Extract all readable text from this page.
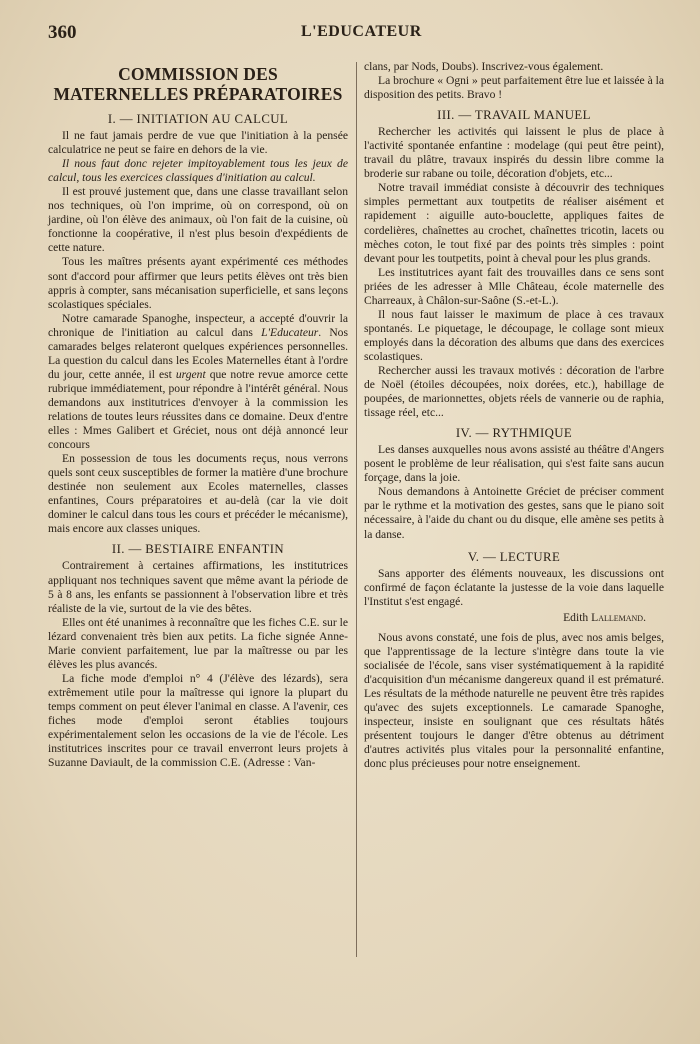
360	L'EDUCATEUR
COMMISSION DES
MATERNELLES PRÉPARATOIRES
I. — INITIATION AU CALCUL

Il ne faut jamais perdre de vue que l'initiation à la pensée calculatrice ne peut se faire en dehors de la vie.

Il nous faut donc rejeter impitoyablement tous les jeux de calcul, tous les exercices classiques d'initiation au calcul.

Il est prouvé justement que, dans une classe travaillant selon nos techniques, où l'on imprime, où on correspond, où on jardine, où l'on élève des animaux, où l'on fait de la cuisine, où fonctionne la coopérative, il n'est plus besoin d'expédients de cette nature.

Tous les maîtres présents ayant expérimenté ces méthodes sont d'accord pour affirmer que leurs petits élèves ont très bien appris à compter, sans mécanisation superficielle, et sans leçons scolastiques spéciales.

Notre camarade Spanoghe, inspecteur, a accepté d'ouvrir la chronique de l'initiation au calcul dans L'Educateur. Nos camarades belges relateront quelques expériences personnelles. La question du calcul dans les Ecoles Maternelles étant à l'ordre du jour, cette année, il est urgent que notre revue amorce cette rubrique immédiatement, pour répondre à l'intérêt général. Nous demandons aux institutrices d'envoyer à la commission les relations de toutes leurs réussites dans ce domaine. Deux d'entre elles : Mmes Galibert et Gréciet, nous ont déjà annoncé leur concours

En possession de tous les documents reçus, nous verrons quels sont ceux susceptibles de former la matière d'une brochure destinée non seulement aux Ecoles maternelles, classes enfantines, Cours préparatoires et au-delà (car la vie doit dominer le calcul dans tous les cours et précéder le mécanisme), mais encore aux classes uniques.

II. — BESTIAIRE ENFANTIN

Contrairement à certaines affirmations, les institutrices appliquant nos techniques savent que même avant la période de 5 à 8 ans, les enfants se passionnent à l'observation libre et très réaliste de la vie, surtout de la vie des bêtes.

Elles ont été unanimes à reconnaître que les fiches C.E. sur le lézard convenaient très bien aux petits. La fiche signée Anne-Marie convient parfaitement, lue par la maîtresse ou par les élèves les plus avancés.

La fiche mode d'emploi n° 4 (J'élève des lézards), sera extrêmement utile pour la maîtresse qui ignore la plupart du temps comment on peut élever l'animal en classe. A l'avenir, ces fiches mode d'emploi seront établies toujours expérimentalement selon les occasions de la vie de l'école. Les institutrices inscrites pour ce travail enverront leurs projets à Suzanne Daviault, de la commission C.E. (Adresse : Van-

clans, par Nods, Doubs). Inscrivez-vous également.

La brochure « Ogni » peut parfaitement être lue et laissée à la disposition des petits. Bravo !

III. — TRAVAIL MANUEL

Rechercher les activités qui laissent le plus de place à l'activité spontanée enfantine : modelage (qui peut être peint), travail du plâtre, travaux inspirés du dessin libre comme la broderie sur rabane ou toile, décoration d'objets, etc...

Notre travail immédiat consiste à découvrir des techniques simples permettant aux toutpetits de réaliser aisément et rapidement : aiguille auto-bouclette, appliques faites de cordelières, chaînettes au crochet, chaînettes tricotin, lacets ou mèches coton, le tout fixé par des points très simples : point devant pour les toutpetits, point à cheval pour les plus grands.

Les institutrices ayant fait des trouvailles dans ce sens sont priées de les adresser à Mlle Château, école maternelle des Charreaux, à Châlon-sur-Saône (S.-et-L.).

Il nous faut laisser le maximum de place à ces travaux spontanés. Le piquetage, le découpage, le collage sont mieux employés dans la décoration des albums que dans des exercices scolastiques.

Rechercher aussi les travaux motivés : décoration de l'arbre de Noël (étoiles découpées, noix dorées, etc.), habillage de poupées, de marionnettes, objets réels de vannerie ou de raphia, tissage réel, etc...

IV. — RYTHMIQUE

Les danses auxquelles nous avons assisté au théâtre d'Angers posent le problème de leur réalisation, qui s'est faite sans aucun forçage, dans la joie.

Nous demandons à Antoinette Gréciet de préciser comment par le rythme et la motivation des gestes, sans que le piano soit nécessaire, à l'aide du chant ou du disque, elle amène ses petits à la danse.

V. — LECTURE

Sans apporter des éléments nouveaux, les discussions ont confirmé de façon éclatante la justesse de la voie dans laquelle l'Institut s'est engagé.

Edith Lallemand.

Nous avons constaté, une fois de plus, avec nos amis belges, que l'apprentissage de la lecture s'intègre dans toute la vie socialisée de l'école, sans viser systématiquement à la rapidité d'acquisition d'un mécanisme dangereux quand il est prématuré. Les résultats de la méthode naturelle ne peuvent être très rapides qu'avec des sujets exceptionnels. Le camarade Spanoghe, inspecteur, insiste en soulignant que ces résultats hâtés présentent toujours le danger d'être obtenus au détriment d'autres activités plus vitales pour la personnalité enfantine, donc plus précieuses pour notre enseignement.
